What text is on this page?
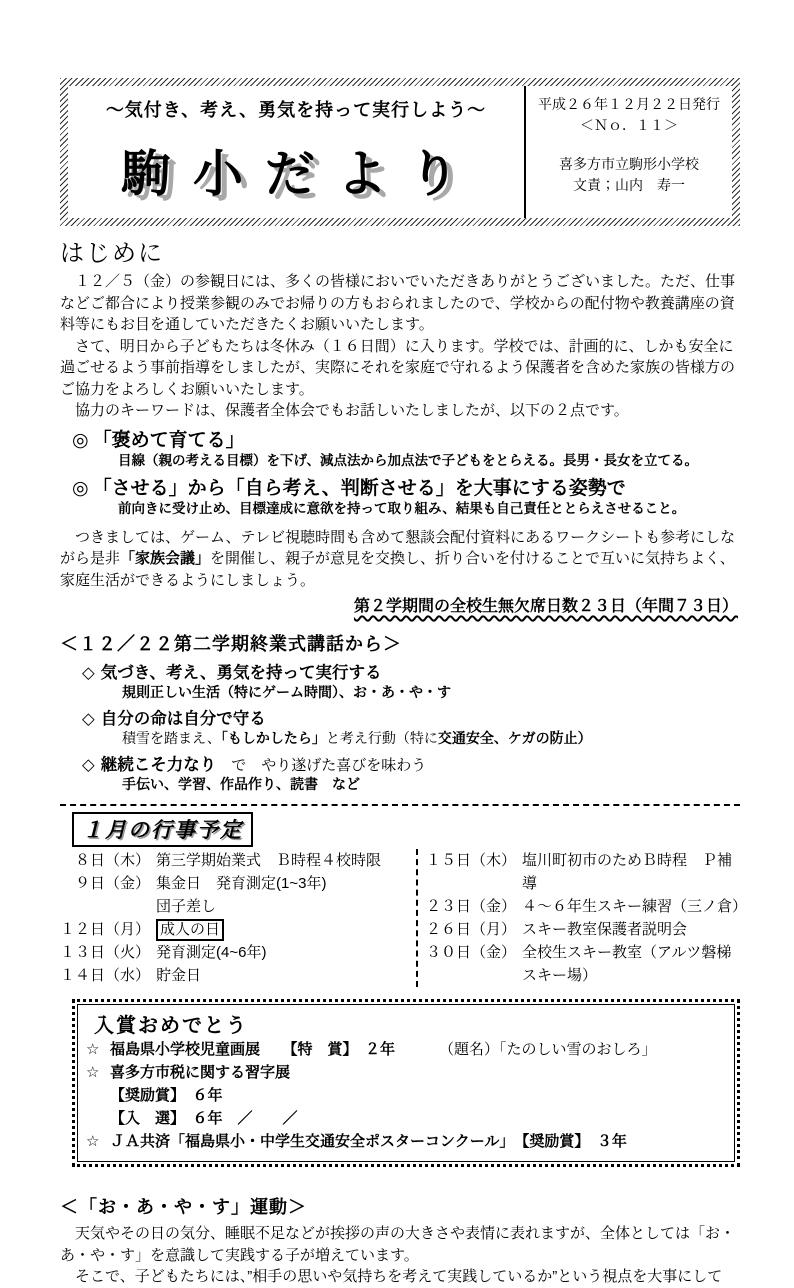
～気付き、考え、勇気を持って実行しよう～
駒小だより
平成２６年１２月２２日発行
＜Ｎｏ．１１＞
喜多方市立駒形小学校
文責；山内　寿一
はじめに
　１２／５（金）の参観日には、多くの皆様においでいただきありがとうございました。ただ、仕事などご都合により授業参観のみでお帰りの方もおられましたので、学校からの配付物や教養講座の資料等にもお目を通していただきたくお願いいたします。
　さて、明日から子どもたちは冬休み（１６日間）に入ります。学校では、計画的に、しかも安全に過ごせるよう事前指導をしましたが、実際にそれを家庭で守れるよう保護者を含めた家族の皆様方のご協力をよろしくお願いいたします。
　協力のキーワードは、保護者全体会でもお話しいたしましたが、以下の２点です。
◎ 「褒めて育てる」
目線（親の考える目標）を下げ、減点法から加点法で子どもをとらえる。長男・長女を立てる。
◎ 「させる」から「自ら考え、判断させる」を大事にする姿勢で
前向きに受け止め、目標達成に意欲を持って取り組み、結果も自己責任ととらえさせること。
　つきましては、ゲーム、テレビ視聴時間も含めて懇談会配付資料にあるワークシートも参考にしながら是非「家族会議」を開催し、親子が意見を交換し、折り合いを付けることで互いに気持ちよく、家庭生活ができるようにしましょう。
第２学期間の全校生無欠席日数２３日（年間７３日）
＜１２／２２第二学期終業式講話から＞
◇ 気づき、考え、勇気を持って実行する
規則正しい生活（特にゲーム時間）、お・あ・や・す
◇ 自分の命は自分で守る
積雪を踏まえ、「もしかしたら」と考え行動（特に交通安全、ケガの防止）
◇ 継続こそ力なり　で　やり遂げた喜びを味わう
手伝い、学習、作品作り、読書　など
１月の行事予定
　８日（木） 第三学期始業式　Ｂ時程４校時限
　９日（金） 集金日　発育測定(1~3年)
団子差し
１２日（月） 成人の日
１３日（火） 発育測定(4~6年)
１４日（水） 貯金日
１５日（木） 塩川町初市のためＢ時程　Ｐ補導
２３日（金） ４～６年生スキー練習（三ノ倉）
２６日（月） スキー教室保護者説明会
３０日（金） 全校生スキー教室（アルツ磐梯スキー場）
入賞おめでとう
☆ 福島県小学校児童画展　　【特　賞】　２年	（題名）「たのしい雪のおしろ」
☆ 喜多方市税に関する習字展
【奨励賞】　６年
【入　選】　６年　／　　／
☆ ＪＡ共済「福島県小・中学生交通安全ポスターコンクール」　【奨励賞】　３年
＜「お・あ・や・す」運動＞
　天気やその日の気分、睡眠不足などが挨拶の声の大きさや表情に表れますが、全体としては「お・あ・や・す」を意識して実践する子が増えています。
　そこで、子どもたちには、”相手の思いや気持ちを考えて実践しているか”という視点を大事にして
